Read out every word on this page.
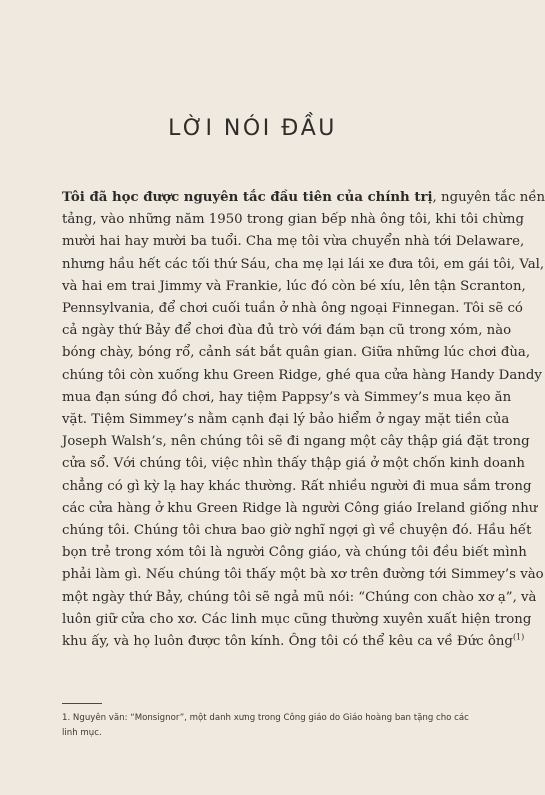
LỜI NÓI ĐẦU
Tôi đã học được nguyên tắc đầu tiên của chính trị, nguyên tắc nền
tảng, vào những năm 1950 trong gian bếp nhà ông tôi, khi tôi chừng
mười hai hay mười ba tuổi. Cha mẹ tôi vừa chuyển nhà tới Delaware,
nhưng hầu hết các tối thứ Sáu, cha mẹ lại lái xe đưa tôi, em gái tôi, Val,
và hai em trai Jimmy và Frankie, lúc đó còn bé xíu, lên tận Scranton,
Pennsylvania, để chơi cuối tuần ở nhà ông ngoại Finnegan. Tôi sẽ có
cả ngày thứ Bảy để chơi đùa đủ trò với đám bạn cũ trong xóm, nào
bóng chày, bóng rổ, cảnh sát bắt quân gian. Giữa những lúc chơi đùa,
chúng tôi còn xuống khu Green Ridge, ghé qua cửa hàng Handy Dandy
mua đạn súng đồ chơi, hay tiệm Pappsy’s và Simmey’s mua kẹo ăn
vặt. Tiệm Simmey’s nằm cạnh đại lý bảo hiểm ở ngay mặt tiền của
Joseph Walsh’s, nên chúng tôi sẽ đi ngang một cây thập giá đặt trong
cửa sổ. Với chúng tôi, việc nhìn thấy thập giá ở một chốn kinh doanh
chẳng có gì kỳ lạ hay khác thường. Rất nhiều người đi mua sắm trong
các cửa hàng ở khu Green Ridge là người Công giáo Ireland giống như
chúng tôi. Chúng tôi chưa bao giờ nghĩ ngợi gì về chuyện đó. Hầu hết
bọn trẻ trong xóm tôi là người Công giáo, và chúng tôi đều biết mình
phải làm gì. Nếu chúng tôi thấy một bà xơ trên đường tới Simmey’s vào
một ngày thứ Bảy, chúng tôi sẽ ngả mũ nói: “Chúng con chào xơ ạ”, và
luôn giữ cửa cho xơ. Các linh mục cũng thường xuyên xuất hiện trong
khu ấy, và họ luôn được tôn kính. Ông tôi có thể kêu ca về Đức ông$^{(1)}$
1. Nguyên văn: “Monsignor”, một danh xưng trong Công giáo do Giáo hoàng ban tặng cho các
linh mục.
